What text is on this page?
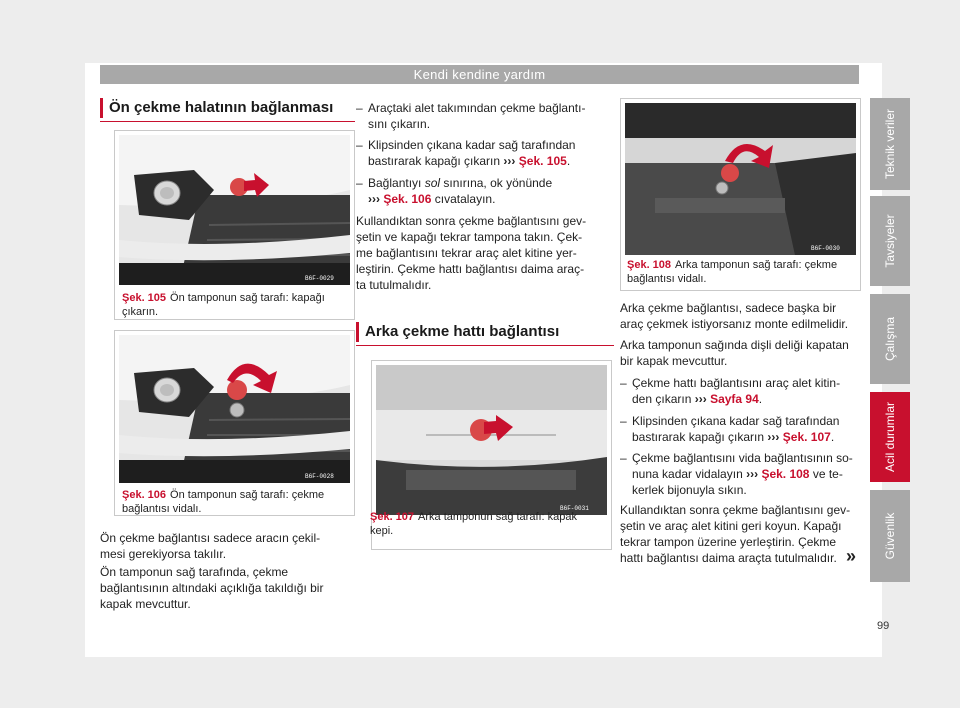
Kendi kendine yardım
Ön çekme halatının bağlanması
B6F-0029
Şek. 105 Ön tamponun sağ tarafı: kapağı
çıkarın.
B6F-0028
Şek. 106 Ön tamponun sağ tarafı: çekme
bağlantısı vidalı.
Ön çekme bağlantısı sadece aracın çekil-
mesi gerekiyorsa takılır.
Ön tamponun sağ tarafında, çekme
bağlantısının altındaki açıklığa takıldığı bir
kapak mevcuttur.
– Araçtaki alet takımından çekme bağlantı-
sını çıkarın.
– Klipsinden çıkana kadar sağ tarafından
bastırarak kapağı çıkarın ››› Şek. 105.
– Bağlantıyı sol sınırına, ok yönünde
››› Şek. 106 cıvatalayın.
Kullandıktan sonra çekme bağlantısını gev-
şetin ve kapağı tekrar tampona takın. Çek-
me bağlantısını tekrar araç alet kitine yer-
leştirin. Çekme hattı bağlantısı daima araç-
ta tutulmalıdır.
Arka çekme hattı bağlantısı
B6F-0031
Şek. 107 Arka tamponun sağ tarafı: kapak
kepi.
B6F-0030
Şek. 108 Arka tamponun sağ tarafı: çekme
bağlantısı vidalı.
Arka çekme bağlantısı, sadece başka bir
araç çekmek istiyorsanız monte edilmelidir.
Arka tamponun sağında dişli deliği kapatan
bir kapak mevcuttur.
– Çekme hattı bağlantısını araç alet kitin-
den çıkarın ››› Sayfa 94.
– Klipsinden çıkana kadar sağ tarafından
bastırarak kapağı çıkarın ››› Şek. 107.
– Çekme bağlantısını vida bağlantısının so-
nuna kadar vidalayın ››› Şek. 108 ve te-
kerlek bijonuyla sıkın.
Kullandıktan sonra çekme bağlantısını gev-
şetin ve araç alet kitini geri koyun. Kapağı
tekrar tampon üzerine yerleştirin. Çekme
hattı bağlantısı daima araçta tutulmalıdır. »
Teknik veriler
Tavsiyeler
Çalışma
Acil durumlar
Güvenlik
99
